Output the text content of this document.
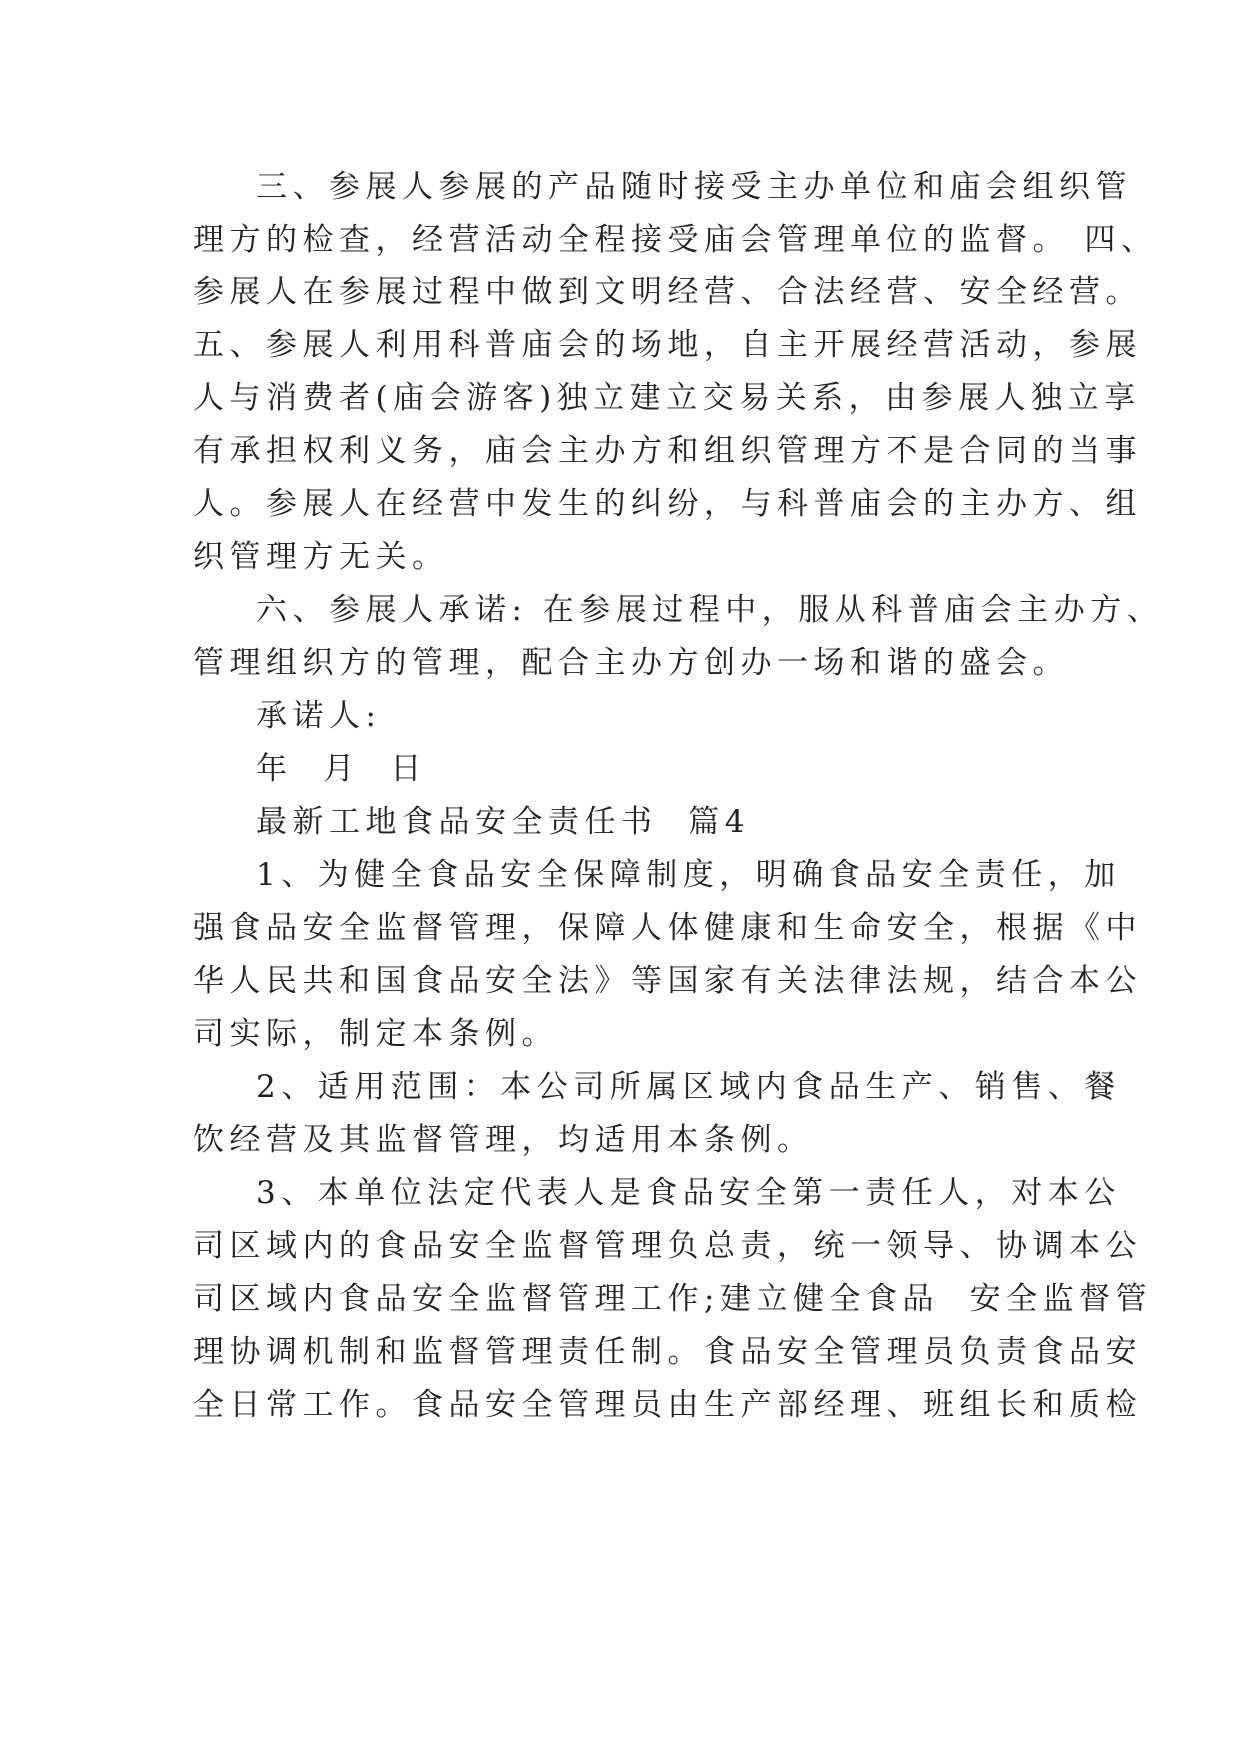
三、参展人参展的产品随时接受主办单位和庙会组织管
理方的检查，经营活动全程接受庙会管理单位的监督。 四、
参展人在参展过程中做到文明经营、合法经营、安全经营。
五、参展人利用科普庙会的场地，自主开展经营活动，参展
人与消费者(庙会游客)独立建立交易关系，由参展人独立享
有承担权利义务，庙会主办方和组织管理方不是合同的当事
人。参展人在经营中发生的纠纷，与科普庙会的主办方、组
织管理方无关。
六、参展人承诺: 在参展过程中，服从科普庙会主办方、
管理组织方的管理，配合主办方创办一场和谐的盛会。
承诺人:
年  月  日
最新工地食品安全责任书  篇4
1、为健全食品安全保障制度，明确食品安全责任，加
强食品安全监督管理，保障人体健康和生命安全，根据《中
华人民共和国食品安全法》等国家有关法律法规，结合本公
司实际，制定本条例。
2、适用范围：本公司所属区域内食品生产、销售、餐
饮经营及其监督管理，均适用本条例。
3、本单位法定代表人是食品安全第一责任人，对本公
司区域内的食品安全监督管理负总责，统一领导、协调本公
司区域内食品安全监督管理工作;建立健全食品  安全监督管
理协调机制和监督管理责任制。食品安全管理员负责食品安
全日常工作。食品安全管理员由生产部经理、班组长和质检
